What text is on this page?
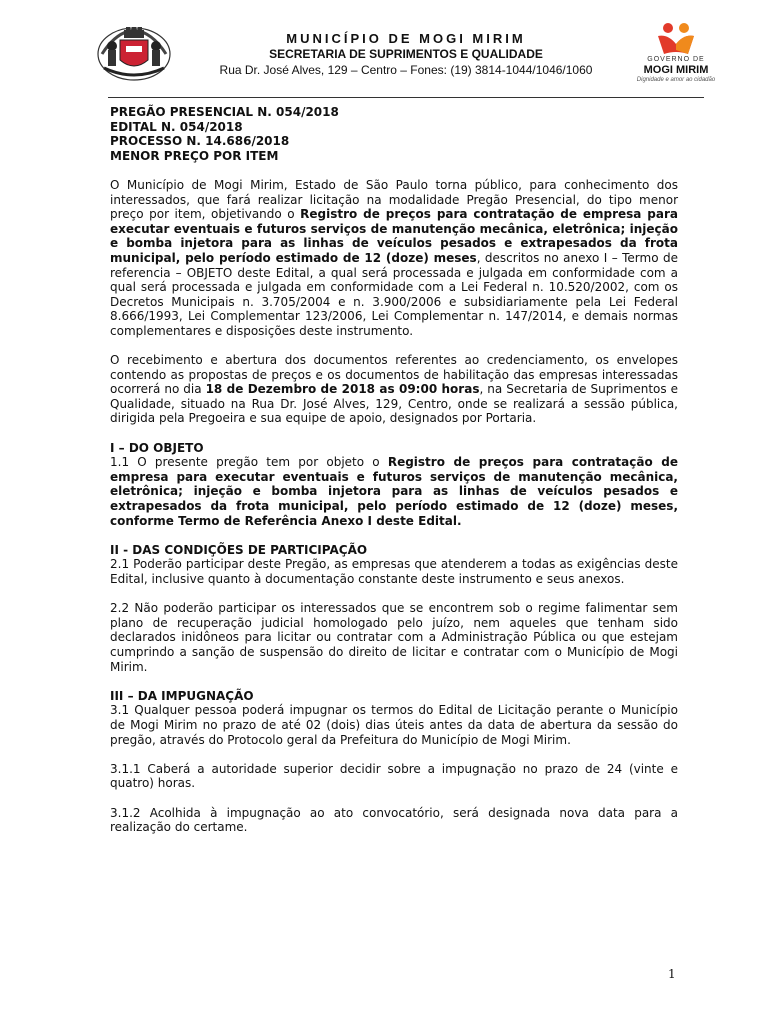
MUNICÍPIO DE MOGI MIRIM
SECRETARIA DE SUPRIMENTOS E QUALIDADE
Rua Dr. José Alves, 129 – Centro – Fones: (19) 3814-1044/1046/1060
GOVERNO DE
MOGI MIRIM
Dignidade e amor ao cidadão

PREGÃO PRESENCIAL N. 054/2018

EDITAL N. 054/2018

PROCESSO N. 14.686/2018

MENOR PREÇO POR ITEM

O Município de Mogi Mirim, Estado de São Paulo torna público, para conhecimento dos interessados, que fará realizar licitação na modalidade Pregão Presencial, do tipo menor preço por item, objetivando o Registro de preços para contratação de empresa para executar eventuais e futuros serviços de manutenção mecânica, eletrônica; injeção e bomba injetora para as linhas de veículos pesados e extrapesados da frota municipal, pelo período estimado de 12 (doze) meses, descritos no anexo I – Termo de referencia – OBJETO deste Edital, a qual será processada e julgada em conformidade com a qual será processada e julgada em conformidade com a Lei Federal n. 10.520/2002, com os Decretos Municipais n. 3.705/2004 e n. 3.900/2006 e subsidiariamente pela Lei Federal 8.666/1993, Lei Complementar 123/2006, Lei Complementar n. 147/2014, e demais normas complementares e disposições deste instrumento.

O recebimento e abertura dos documentos referentes ao credenciamento, os envelopes contendo as propostas de preços e os documentos de habilitação das empresas interessadas ocorrerá no dia 18 de Dezembro de 2018 as 09:00 horas, na Secretaria de Suprimentos e Qualidade, situado na Rua Dr. José Alves, 129, Centro, onde se realizará a sessão pública, dirigida pela Pregoeira e sua equipe de apoio, designados por Portaria.

I – DO OBJETO

1.1 O presente pregão tem por objeto o Registro de preços para contratação de empresa para executar eventuais e futuros serviços de manutenção mecânica, eletrônica; injeção e bomba injetora para as linhas de veículos pesados e extrapesados da frota municipal, pelo período estimado de 12 (doze) meses, conforme Termo de Referência Anexo I deste Edital.

II - DAS CONDIÇÕES DE PARTICIPAÇÃO

2.1 Poderão participar deste Pregão, as empresas que atenderem a todas as exigências deste Edital, inclusive quanto à documentação constante deste instrumento e seus anexos.

2.2 Não poderão participar os interessados que se encontrem sob o regime falimentar sem plano de recuperação judicial homologado pelo juízo, nem aqueles que tenham sido declarados inidôneos para licitar ou contratar com a Administração Pública ou que estejam cumprindo a sanção de suspensão do direito de licitar e contratar com o Município de Mogi Mirim.

III – DA IMPUGNAÇÃO

3.1 Qualquer pessoa poderá impugnar os termos do Edital de Licitação perante o Município de Mogi Mirim no prazo de até 02 (dois) dias úteis antes da data de abertura da sessão do pregão, através do Protocolo geral da Prefeitura do Município de Mogi Mirim.

3.1.1 Caberá a autoridade superior decidir sobre a impugnação no prazo de 24 (vinte e quatro) horas.

3.1.2 Acolhida à impugnação ao ato convocatório, será designada nova data para a realização do certame.

1
